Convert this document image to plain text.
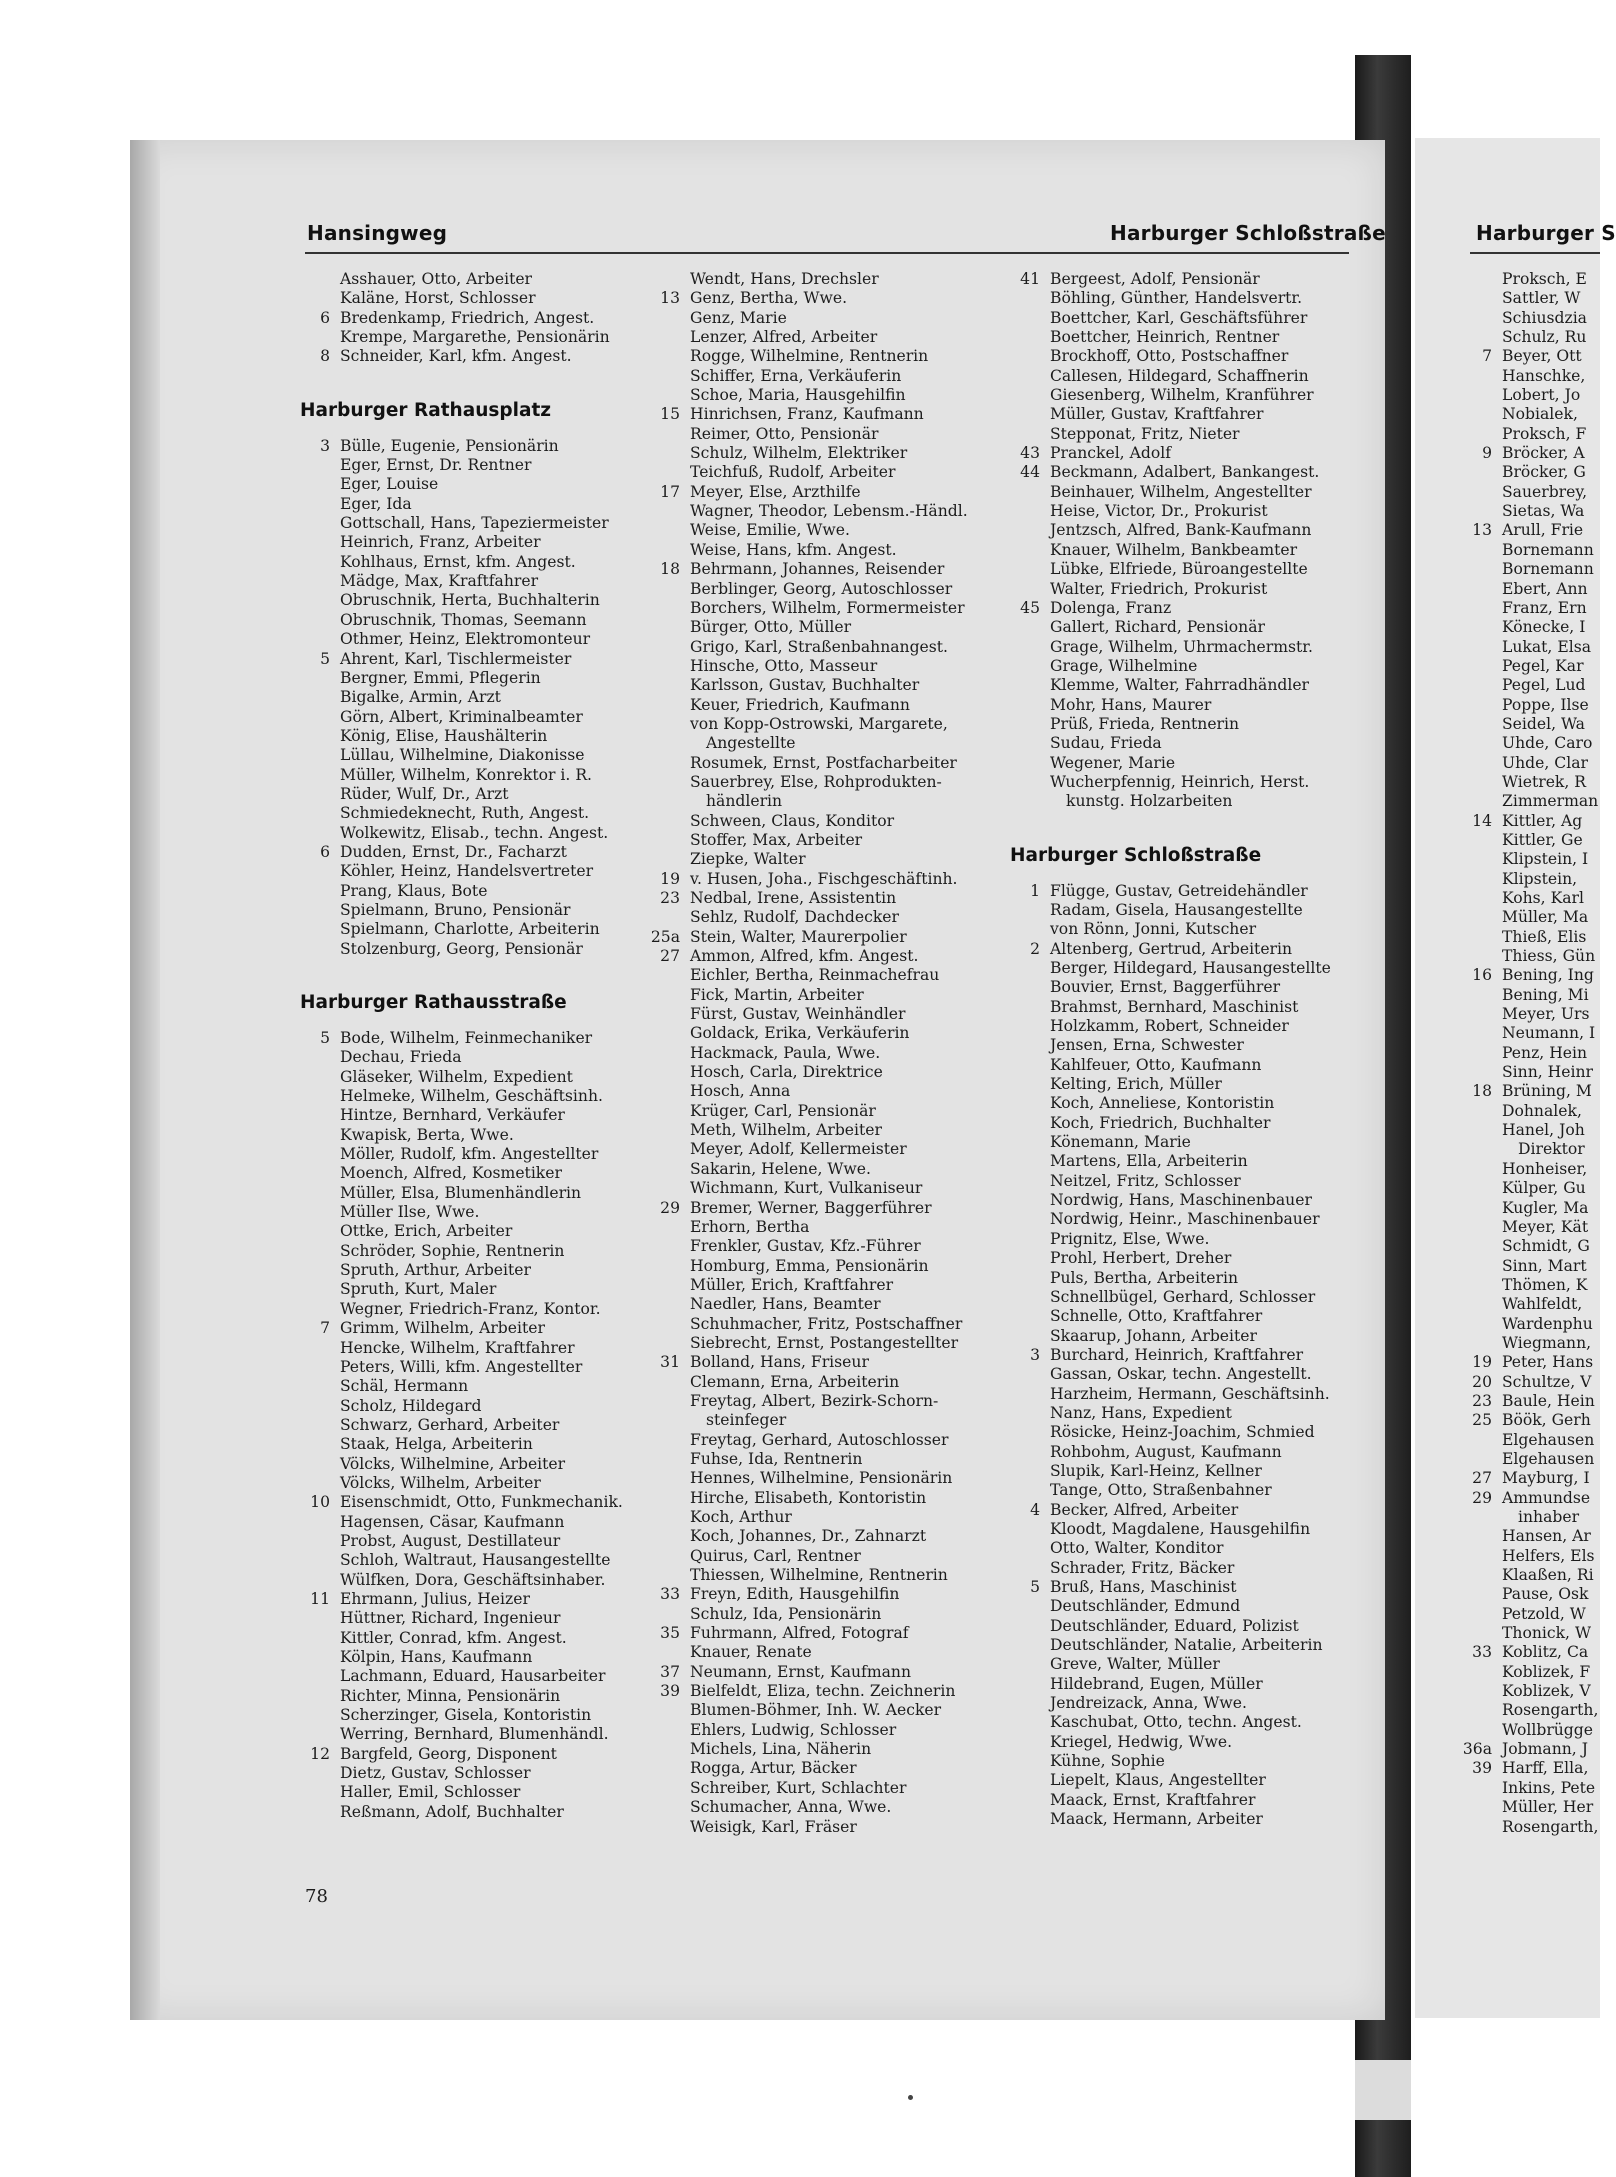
Hansingweg	Harburger Schloßstraße	Harburger S
Asshauer, Otto, Arbeiter
Kaläne, Horst, Schlosser
6 Bredenkamp, Friedrich, Angest.
Krempe, Margarethe, Pensionärin
8 Schneider, Karl, kfm. Angest.
Harburger Rathausplatz
3 Bülle, Eugenie, Pensionärin
Eger, Ernst, Dr. Rentner
Eger, Louise
Eger, Ida
Gottschall, Hans, Tapeziermeister
Heinrich, Franz, Arbeiter
Kohlhaus, Ernst, kfm. Angest.
Mädge, Max, Kraftfahrer
Obruschnik, Herta, Buchhalterin
Obruschnik, Thomas, Seemann
Othmer, Heinz, Elektromonteur
5 Ahrent, Karl, Tischlermeister
Bergner, Emmi, Pflegerin
Bigalke, Armin, Arzt
Görn, Albert, Kriminalbeamter
König, Elise, Haushälterin
Lüllau, Wilhelmine, Diakonisse
Müller, Wilhelm, Konrektor i. R.
Rüder, Wulf, Dr., Arzt
Schmiedeknecht, Ruth, Angest.
Wolkewitz, Elisab., techn. Angest.
6 Dudden, Ernst, Dr., Facharzt
Köhler, Heinz, Handelsvertreter
Prang, Klaus, Bote
Spielmann, Bruno, Pensionär
Spielmann, Charlotte, Arbeiterin
Stolzenburg, Georg, Pensionär
Harburger Rathausstraße
5 Bode, Wilhelm, Feinmechaniker
Dechau, Frieda
Gläseker, Wilhelm, Expedient
Helmeke, Wilhelm, Geschäftsinh.
Hintze, Bernhard, Verkäufer
Kwapisk, Berta, Wwe.
Möller, Rudolf, kfm. Angestellter
Moench, Alfred, Kosmetiker
Müller, Elsa, Blumenhändlerin
Müller Ilse, Wwe.
Ottke, Erich, Arbeiter
Schröder, Sophie, Rentnerin
Spruth, Arthur, Arbeiter
Spruth, Kurt, Maler
Wegner, Friedrich-Franz, Kontor.
7 Grimm, Wilhelm, Arbeiter
Hencke, Wilhelm, Kraftfahrer
Peters, Willi, kfm. Angestellter
Schäl, Hermann
Scholz, Hildegard
Schwarz, Gerhard, Arbeiter
Staak, Helga, Arbeiterin
Völcks, Wilhelmine, Arbeiter
Völcks, Wilhelm, Arbeiter
10 Eisenschmidt, Otto, Funkmechanik.
Hagensen, Cäsar, Kaufmann
Probst, August, Destillateur
Schloh, Waltraut, Hausangestellte
Wülfken, Dora, Geschäftsinhaber.
11 Ehrmann, Julius, Heizer
Hüttner, Richard, Ingenieur
Kittler, Conrad, kfm. Angest.
Kölpin, Hans, Kaufmann
Lachmann, Eduard, Hausarbeiter
Richter, Minna, Pensionärin
Scherzinger, Gisela, Kontoristin
Werring, Bernhard, Blumenhändl.
12 Bargfeld, Georg, Disponent
Dietz, Gustav, Schlosser
Haller, Emil, Schlosser
Reßmann, Adolf, Buchhalter
Wendt, Hans, Drechsler
13 Genz, Bertha, Wwe.
Genz, Marie
Lenzer, Alfred, Arbeiter
Rogge, Wilhelmine, Rentnerin
Schiffer, Erna, Verkäuferin
Schoe, Maria, Hausgehilfin
15 Hinrichsen, Franz, Kaufmann
Reimer, Otto, Pensionär
Schulz, Wilhelm, Elektriker
Teichfuß, Rudolf, Arbeiter
17 Meyer, Else, Arzthilfe
Wagner, Theodor, Lebensm.-Händl.
Weise, Emilie, Wwe.
Weise, Hans, kfm. Angest.
18 Behrmann, Johannes, Reisender
Berblinger, Georg, Autoschlosser
Borchers, Wilhelm, Formermeister
Bürger, Otto, Müller
Grigo, Karl, Straßenbahnangest.
Hinsche, Otto, Masseur
Karlsson, Gustav, Buchhalter
Keuer, Friedrich, Kaufmann
von Kopp-Ostrowski, Margarete,
Angestellte
Rosumek, Ernst, Postfacharbeiter
Sauerbrey, Else, Rohprodukten-
händlerin
Schween, Claus, Konditor
Stoffer, Max, Arbeiter
Ziepke, Walter
19 v. Husen, Joha., Fischgeschäftinh.
23 Nedbal, Irene, Assistentin
Sehlz, Rudolf, Dachdecker
25a Stein, Walter, Maurerpolier
27 Ammon, Alfred, kfm. Angest.
Eichler, Bertha, Reinmachefrau
Fick, Martin, Arbeiter
Fürst, Gustav, Weinhändler
Goldack, Erika, Verkäuferin
Hackmack, Paula, Wwe.
Hosch, Carla, Direktrice
Hosch, Anna
Krüger, Carl, Pensionär
Meth, Wilhelm, Arbeiter
Meyer, Adolf, Kellermeister
Sakarin, Helene, Wwe.
Wichmann, Kurt, Vulkaniseur
29 Bremer, Werner, Baggerführer
Erhorn, Bertha
Frenkler, Gustav, Kfz.-Führer
Homburg, Emma, Pensionärin
Müller, Erich, Kraftfahrer
Naedler, Hans, Beamter
Schuhmacher, Fritz, Postschaffner
Siebrecht, Ernst, Postangestellter
31 Bolland, Hans, Friseur
Clemann, Erna, Arbeiterin
Freytag, Albert, Bezirk-Schorn-
steinfeger
Freytag, Gerhard, Autoschlosser
Fuhse, Ida, Rentnerin
Hennes, Wilhelmine, Pensionärin
Hirche, Elisabeth, Kontoristin
Koch, Arthur
Koch, Johannes, Dr., Zahnarzt
Quirus, Carl, Rentner
Thiessen, Wilhelmine, Rentnerin
33 Freyn, Edith, Hausgehilfin
Schulz, Ida, Pensionärin
35 Fuhrmann, Alfred, Fotograf
Knauer, Renate
37 Neumann, Ernst, Kaufmann
39 Bielfeldt, Eliza, techn. Zeichnerin
Blumen-Böhmer, Inh. W. Aecker
Ehlers, Ludwig, Schlosser
Michels, Lina, Näherin
Rogga, Artur, Bäcker
Schreiber, Kurt, Schlachter
Schumacher, Anna, Wwe.
Weisigk, Karl, Fräser
41 Bergeest, Adolf, Pensionär
Böhling, Günther, Handelsvertr.
Boettcher, Karl, Geschäftsführer
Boettcher, Heinrich, Rentner
Brockhoff, Otto, Postschaffner
Callesen, Hildegard, Schaffnerin
Giesenberg, Wilhelm, Kranführer
Müller, Gustav, Kraftfahrer
Stepponat, Fritz, Nieter
43 Pranckel, Adolf
44 Beckmann, Adalbert, Bankangest.
Beinhauer, Wilhelm, Angestellter
Heise, Victor, Dr., Prokurist
Jentzsch, Alfred, Bank-Kaufmann
Knauer, Wilhelm, Bankbeamter
Lübke, Elfriede, Büroangestellte
Walter, Friedrich, Prokurist
45 Dolenga, Franz
Gallert, Richard, Pensionär
Grage, Wilhelm, Uhrmachermstr.
Grage, Wilhelmine
Klemme, Walter, Fahrradhändler
Mohr, Hans, Maurer
Prüß, Frieda, Rentnerin
Sudau, Frieda
Wegener, Marie
Wucherpfennig, Heinrich, Herst.
kunstg. Holzarbeiten
Harburger Schloßstraße
1 Flügge, Gustav, Getreidehändler
Radam, Gisela, Hausangestellte
von Rönn, Jonni, Kutscher
2 Altenberg, Gertrud, Arbeiterin
Berger, Hildegard, Hausangestellte
Bouvier, Ernst, Baggerführer
Brahmst, Bernhard, Maschinist
Holzkamm, Robert, Schneider
Jensen, Erna, Schwester
Kahlfeuer, Otto, Kaufmann
Kelting, Erich, Müller
Koch, Anneliese, Kontoristin
Koch, Friedrich, Buchhalter
Könemann, Marie
Martens, Ella, Arbeiterin
Neitzel, Fritz, Schlosser
Nordwig, Hans, Maschinenbauer
Nordwig, Heinr., Maschinenbauer
Prignitz, Else, Wwe.
Prohl, Herbert, Dreher
Puls, Bertha, Arbeiterin
Schnellbügel, Gerhard, Schlosser
Schnelle, Otto, Kraftfahrer
Skaarup, Johann, Arbeiter
3 Burchard, Heinrich, Kraftfahrer
Gassan, Oskar, techn. Angestellt.
Harzheim, Hermann, Geschäftsinh.
Nanz, Hans, Expedient
Rösicke, Heinz-Joachim, Schmied
Rohbohm, August, Kaufmann
Slupik, Karl-Heinz, Kellner
Tange, Otto, Straßenbahner
4 Becker, Alfred, Arbeiter
Kloodt, Magdalene, Hausgehilfin
Otto, Walter, Konditor
Schrader, Fritz, Bäcker
5 Bruß, Hans, Maschinist
Deutschländer, Edmund
Deutschländer, Eduard, Polizist
Deutschländer, Natalie, Arbeiterin
Greve, Walter, Müller
Hildebrand, Eugen, Müller
Jendreizack, Anna, Wwe.
Kaschubat, Otto, techn. Angest.
Kriegel, Hedwig, Wwe.
Kühne, Sophie
Liepelt, Klaus, Angestellter
Maack, Ernst, Kraftfahrer
Maack, Hermann, Arbeiter
Proksch, E
Sattler, W
Schiusdzia
Schulz, Ru
7 Beyer, Ott
Hanschke,
Lobert, Jo
Nobialek,
Proksch, F
9 Bröcker, A
Bröcker, G
Sauerbrey,
Sietas, Wa
13 Arull, Frie
Bornemann
Bornemann
Ebert, Ann
Franz, Ern
Könecke, I
Lukat, Elsa
Pegel, Kar
Pegel, Lud
Poppe, Ilse
Seidel, Wa
Uhde, Caro
Uhde, Clar
Wietrek, R
Zimmerman
14 Kittler, Ag
Kittler, Ge
Klipstein, I
Klipstein,
Kohs, Karl
Müller, Ma
Thieß, Elis
Thiess, Gün
16 Bening, Ing
Bening, Mi
Meyer, Urs
Neumann, I
Penz, Hein
Sinn, Heinr
18 Brüning, M
Dohnalek,
Hanel, Joh
Direktor
Honheiser,
Külper, Gu
Kugler, Ma
Meyer, Kät
Schmidt, G
Sinn, Mart
Thömen, K
Wahlfeldt,
Wardenphu
Wiegmann,
19 Peter, Hans
20 Schultze, V
23 Baule, Hein
25 Böök, Gerh
Elgehausen
Elgehausen
27 Mayburg, I
29 Ammundse
inhaber
Hansen, Ar
Helfers, Els
Klaaßen, Ri
Pause, Osk
Petzold, W
Thonick, W
33 Koblitz, Ca
Koblizek, F
Koblizek, V
Rosengarth,
Wollbrügge
36a Jobmann, J
39 Harff, Ella,
Inkins, Pete
Müller, Her
Rosengarth,
78
